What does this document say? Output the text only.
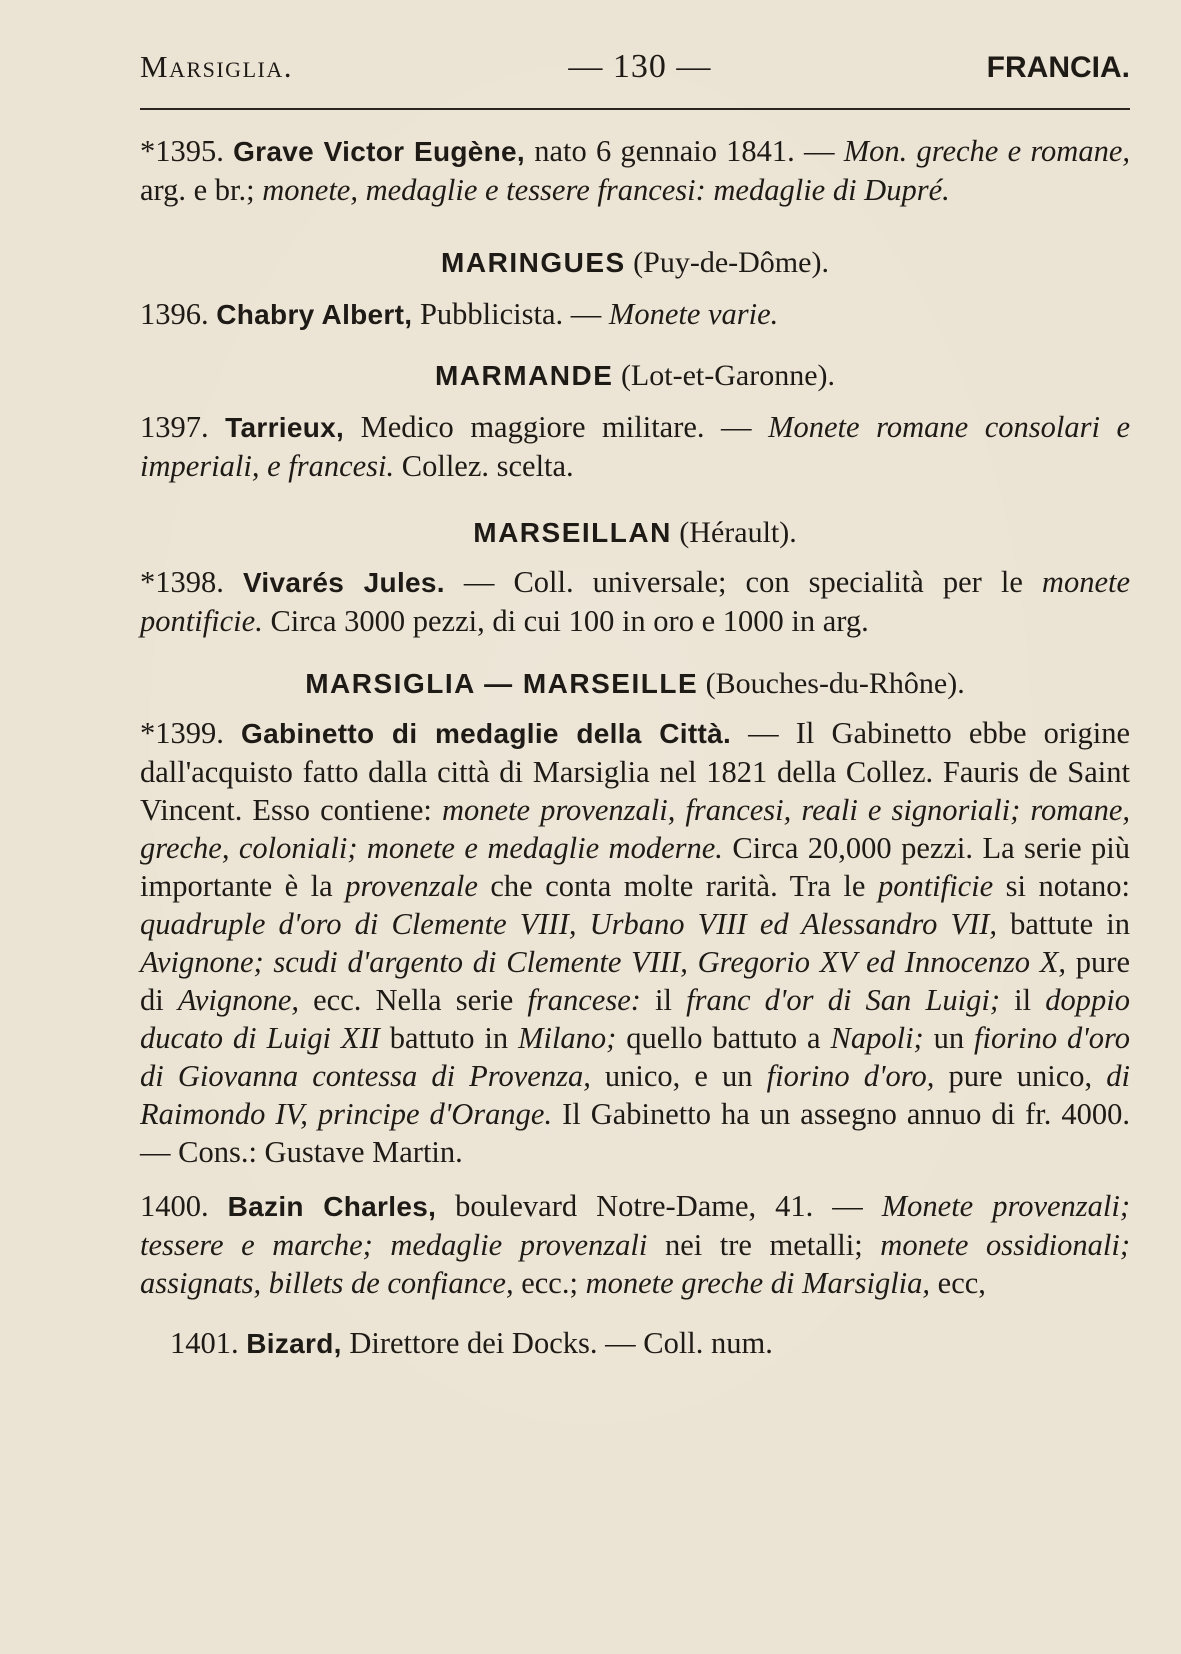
Marsiglia.	— 130 —	FRANCIA.

*1395. Grave Victor Eugène, nato 6 gennaio 1841. — Mon. greche e romane, arg. e br.; monete, medaglie e tessere francesi: medaglie di Dupré.

MARINGUES (Puy-de-Dôme).

1396. Chabry Albert, Pubblicista. — Monete varie.

MARMANDE (Lot-et-Garonne).

1397. Tarrieux, Medico maggiore militare. — Monete romane consolari e imperiali, e francesi. Collez. scelta.

MARSEILLAN (Hérault).

*1398. Vivarés Jules. — Coll. universale; con specialità per le monete pontificie. Circa 3000 pezzi, di cui 100 in oro e 1000 in arg.

MARSIGLIA — MARSEILLE (Bouches-du-Rhône).

*1399. Gabinetto di medaglie della Città. — Il Gabinetto ebbe origine dall'acquisto fatto dalla città di Marsiglia nel 1821 della Collez. Fauris de Saint Vincent. Esso contiene: monete provenzali, francesi, reali e signoriali; romane, greche, coloniali; monete e medaglie moderne. Circa 20,000 pezzi. La serie più importante è la provenzale che conta molte rarità. Tra le pontificie si notano: quadruple d'oro di Clemente VIII, Urbano VIII ed Alessandro VII, battute in Avignone; scudi d'argento di Clemente VIII, Gregorio XV ed Innocenzo X, pure di Avignone, ecc. Nella serie francese: il franc d'or di San Luigi; il doppio ducato di Luigi XII battuto in Milano; quello battuto a Napoli; un fiorino d'oro di Giovanna contessa di Provenza, unico, e un fiorino d'oro, pure unico, di Raimondo IV, principe d'Orange. Il Gabinetto ha un assegno annuo di fr. 4000. — Cons.: Gustave Martin.

1400. Bazin Charles, boulevard Notre-Dame, 41. — Monete provenzali; tessere e marche; medaglie provenzali nei tre metalli; monete ossidionali; assignats, billets de confiance, ecc.; monete greche di Marsiglia, ecc,

1401. Bizard, Direttore dei Docks. — Coll. num.
